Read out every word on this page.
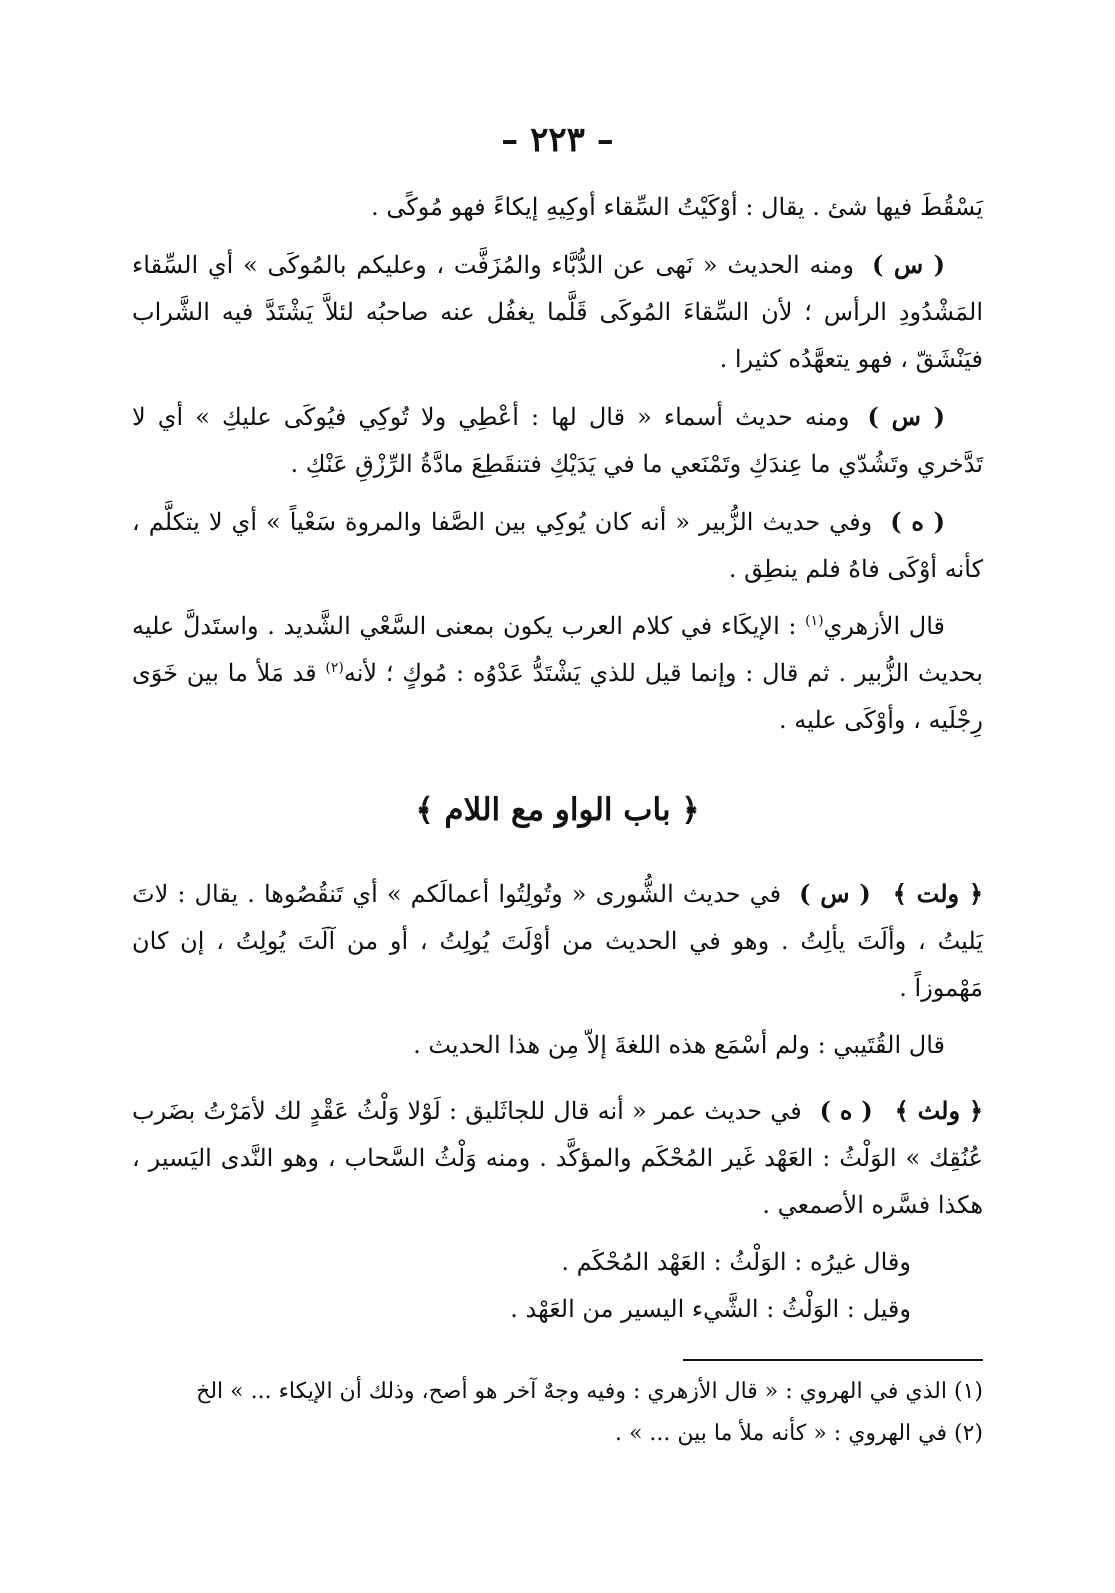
– ٢٢٣ –

يَسْقُطَ فيها شئ . يقال : أوْكَيْتُ السِّقاء أوكِيهِ إيكاءً فهو مُوكًى .

( س )ومنه الحديث « نَهى عن الدُّبَّاء والمُزَفَّت ، وعليكم بالمُوكَى » أي السِّقاء المَشْدُودِ الرأس ؛ لأن السِّقاءَ المُوكَى قَلَّما يغفُل عنه صاحبُه لئلاَّ يَشْتَدَّ فيه الشَّراب فيَنْشَقّ ، فهو يتعهَّدُه كثيرا .

( س )ومنه حديث أسماء « قال لها : أعْطِي ولا تُوكِي فيُوكَى عليكِ » أي لا تَدَّخري وتَشُدّي ما عِندَكِ وتَمْنَعي ما في يَدَيْكِ فتنقَطِعَ مادَّةُ الرِّزْقِ عَنْكِ .

( ه )وفي حديث الزُّبير « أنه كان يُوكِي بين الصَّفا والمروة سَعْياً » أي لا يتكلَّم ، كأنه أوْكَى فاهُ فلم ينطِق .

قال الأزهري$^{(١)}$ : الإيكَاء في كلام العرب يكون بمعنى السَّعْي الشَّديد . واستَدلَّ عليه بحديث الزُّبير . ثم قال : وإنما قيل للذي يَشْتَدُّ عَدْوُه : مُوكٍ ؛ لأنه$^{(٢)}$ قد مَلأ ما بين خَوَى رِجْلَيه ، وأوْكَى عليه .

﴿ باب الواو مع اللام ﴾

﴿ ولت ﴾( س )في حديث الشُّورى « وتُولِتُوا أعمالَكم » أي تَنقُصُوها . يقال : لاتَ يَليتُ ، وألَتَ يألِتُ . وهو في الحديث من أوْلَتَ يُولِتُ ، أو من آلَتَ يُولِتُ ، إن كان مَهْموزاً .

قال القُتَيبي : ولم أسْمَع هذه اللغةَ إلاّ مِن هذا الحديث .

﴿ ولث ﴾( ه )في حديث عمر « أنه قال للجاثَليق : لَوْلا وَلْثُ عَقْدٍ لك لأمَرْتُ بضَرب عُنُقِك » الوَلْثُ : العَهْد غَير المُحْكَم والمؤكَّد . ومنه وَلْثُ السَّحاب ، وهو النَّدى اليَسير ، هكذا فسَّره الأصمعي .

وقال غيرُه : الوَلْثُ : العَهْد المُحْكَم .

وقيل : الوَلْثُ : الشَّيء اليسير من العَهْد .

(١) الذي في الهروي : « قال الأزهري : وفيه وجهٌ آخر هو أصح، وذلك أن الإيكاء ... » الخ

(٢) في الهروي : « كأنه ملأ ما بين ... » .
